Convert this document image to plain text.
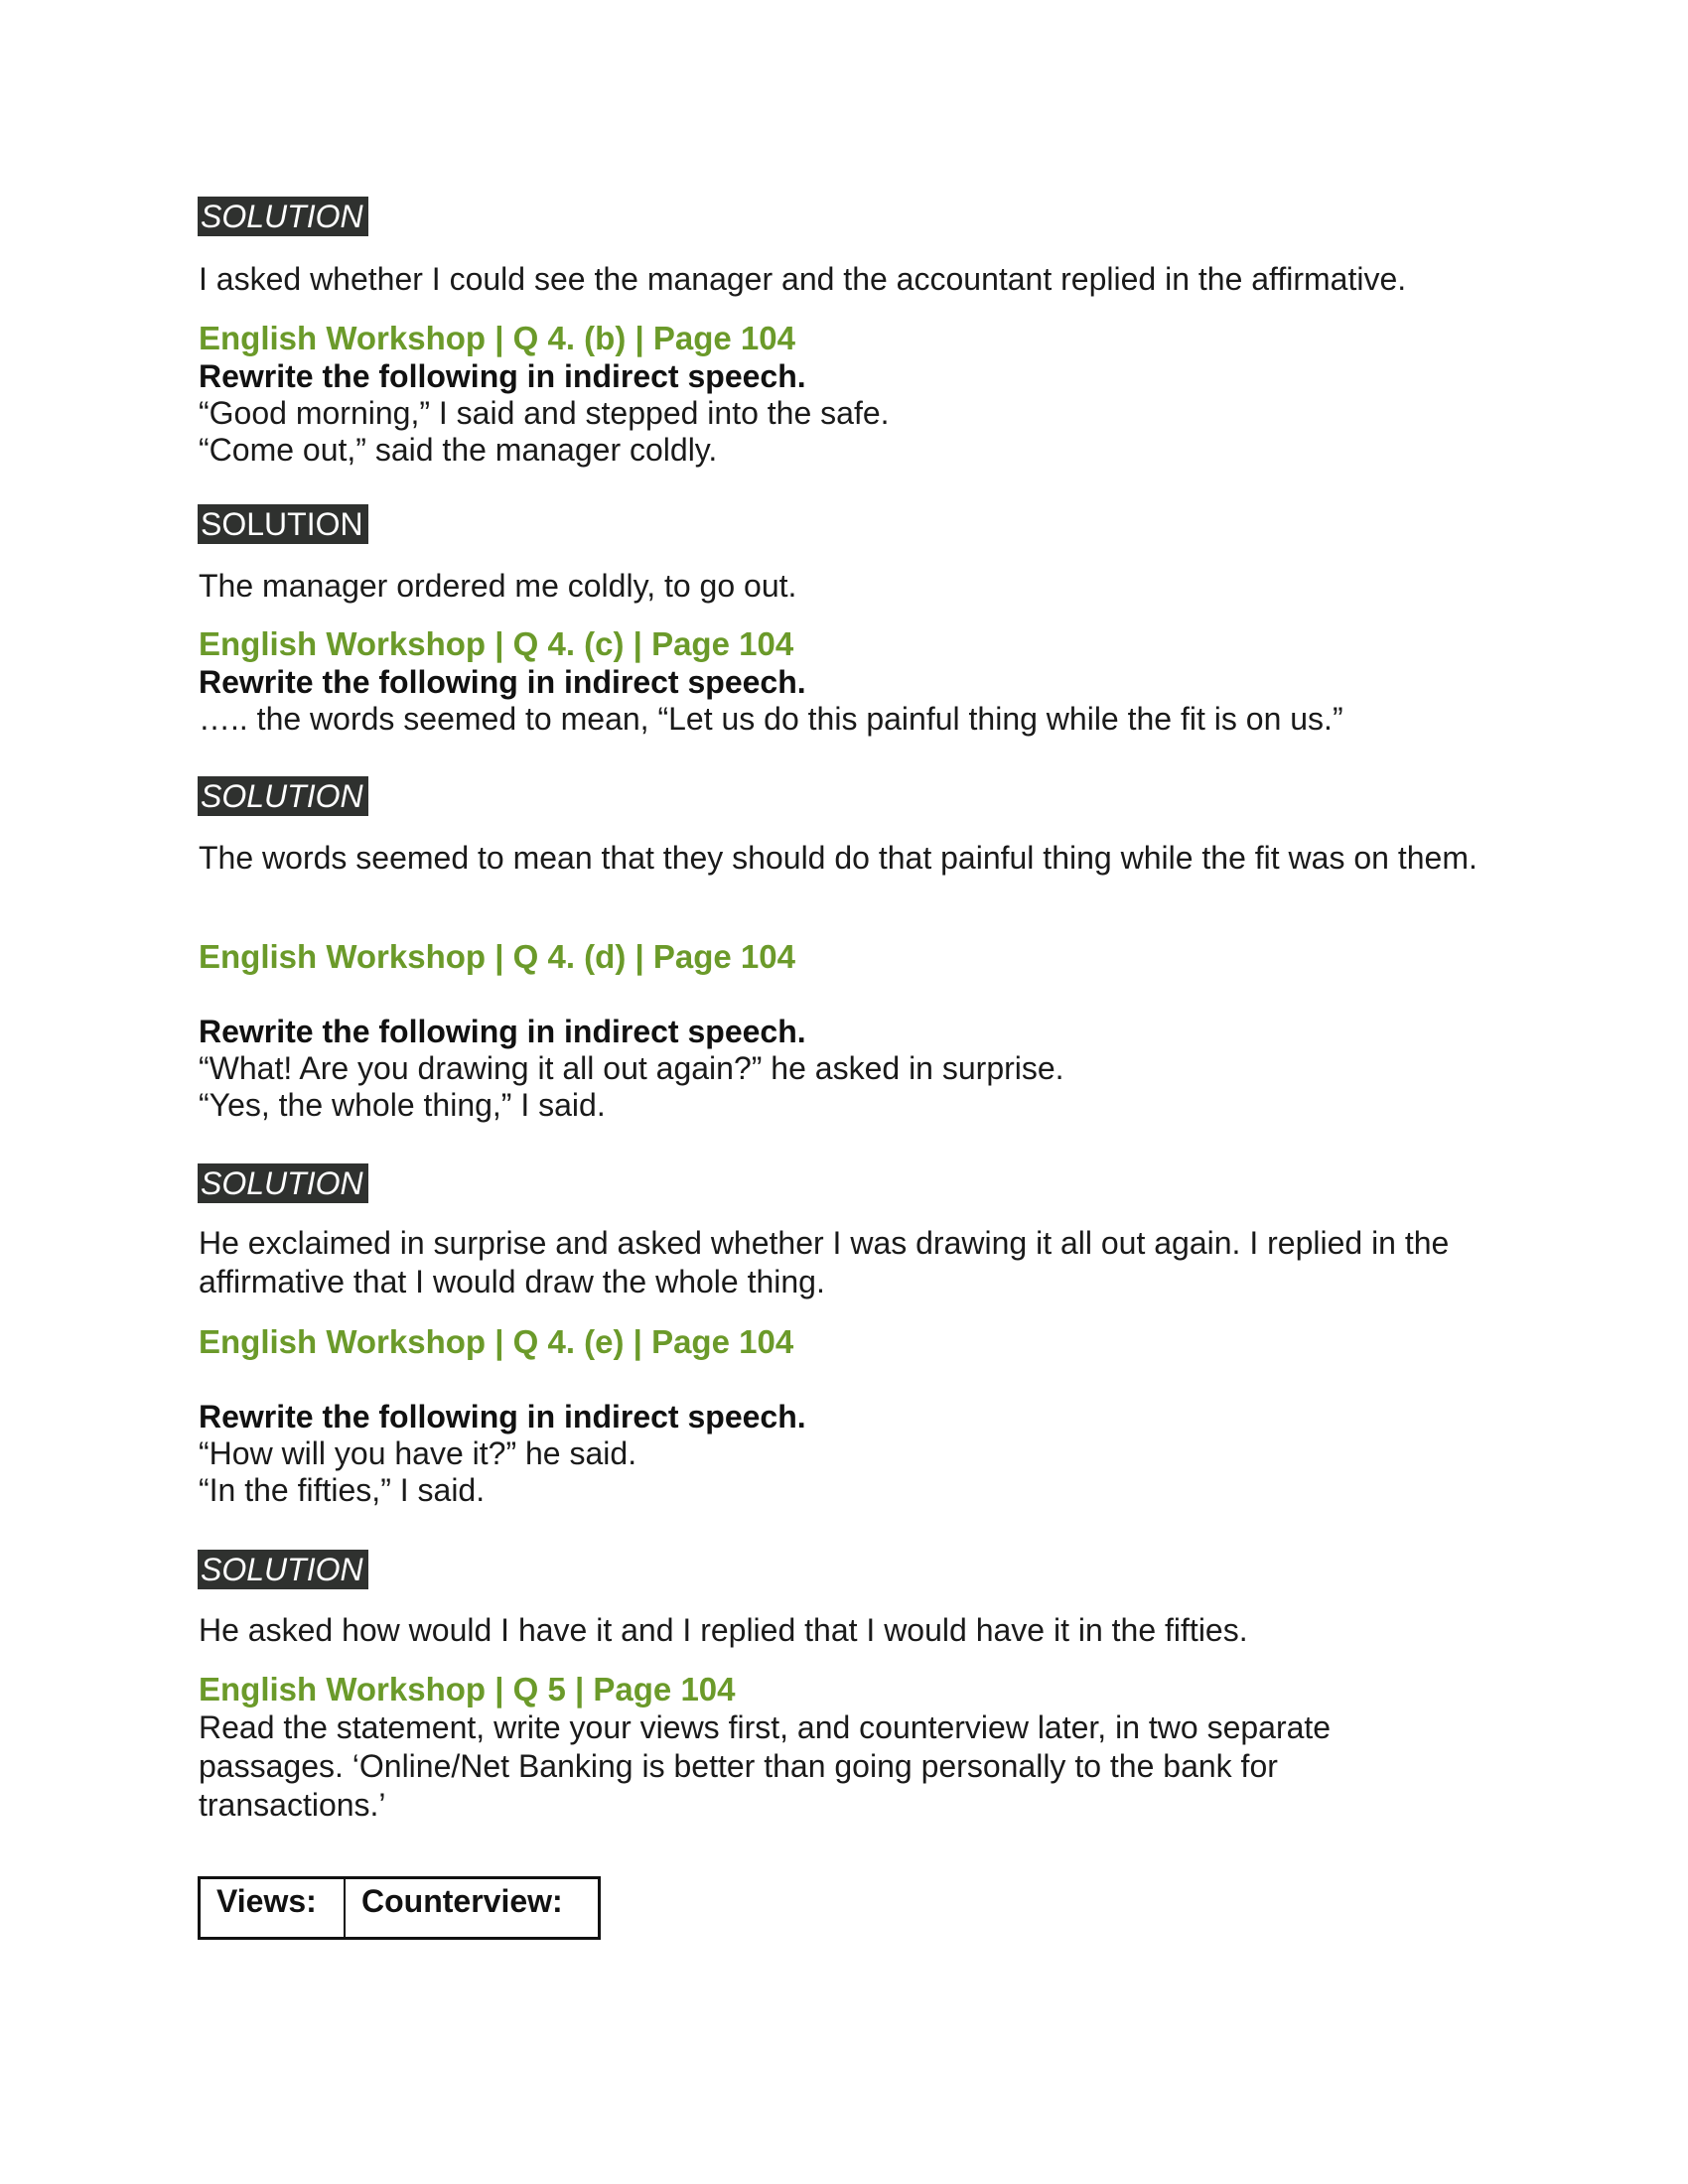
SOLUTION

I asked whether I could see the manager and the accountant replied in the affirmative.

English Workshop | Q 4. (b) | Page 104

Rewrite the following in indirect speech.

“Good morning,” I said and stepped into the safe.

“Come out,” said the manager coldly.

SOLUTION

The manager ordered me coldly, to go out.

English Workshop | Q 4. (c) | Page 104

Rewrite the following in indirect speech.

….. the words seemed to mean, “Let us do this painful thing while the fit is on us.”

SOLUTION

The words seemed to mean that they should do that painful thing while the fit was on them.

English Workshop | Q 4. (d) | Page 104

Rewrite the following in indirect speech.

“What! Are you drawing it all out again?” he asked in surprise.

“Yes, the whole thing,” I said.

SOLUTION

He exclaimed in surprise and asked whether I was drawing it all out again. I replied in the affirmative that I would draw the whole thing.

English Workshop | Q 4. (e) | Page 104

Rewrite the following in indirect speech.

“How will you have it?” he said.

“In the fifties,” I said.

SOLUTION

He asked how would I have it and I replied that I would have it in the fifties.

English Workshop | Q 5 | Page 104

Read the statement, write your views first, and counterview later, in two separate passages. ‘Online/Net Banking is better than going personally to the bank for transactions.’

Views:	Counterview:
